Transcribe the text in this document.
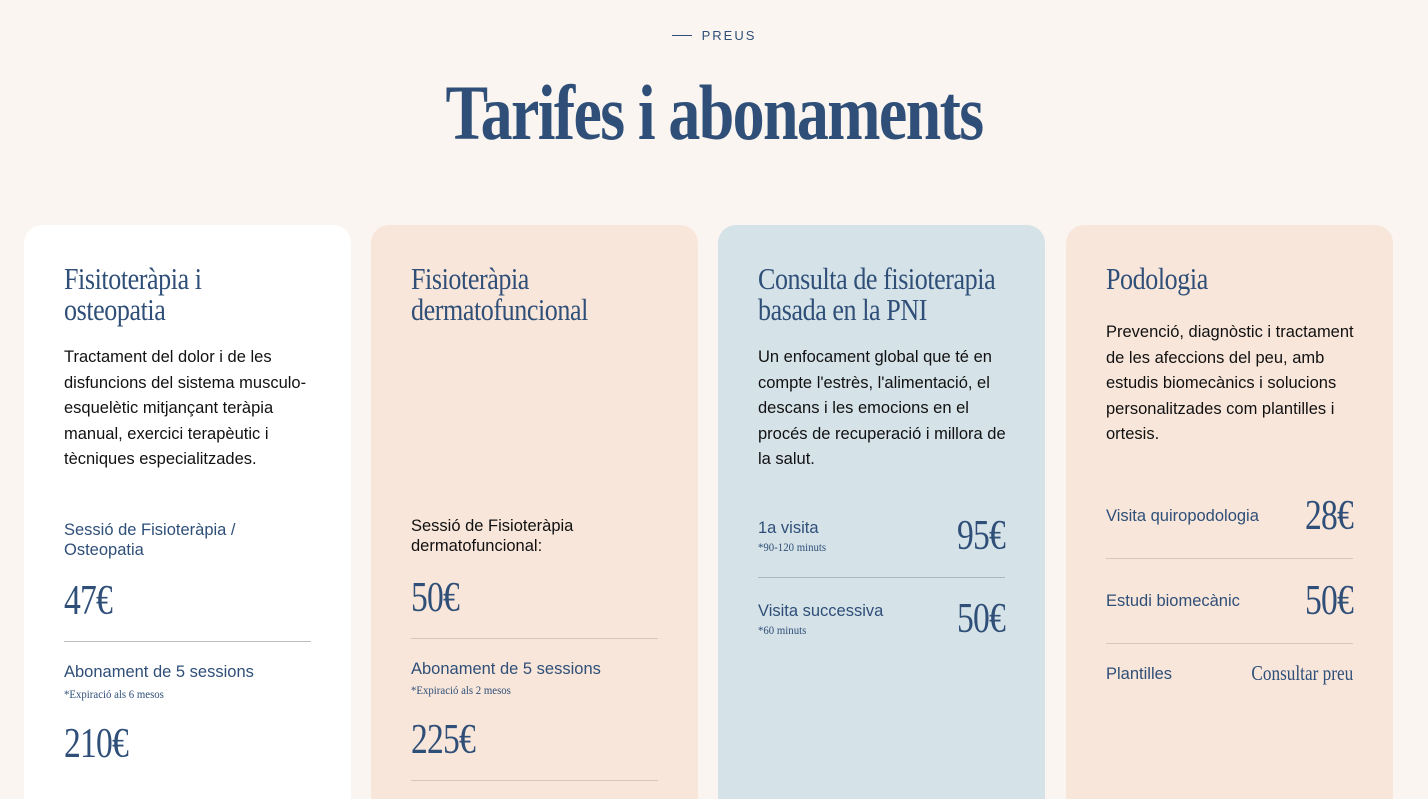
PREUS
Tarifes i abonaments
Fisitoteràpia i
osteopatia

Tractament del dolor i de les disfuncions del sistema musculo-esquelètic mitjançant teràpia manual, exercici terapèutic i tècniques especialitzades.

Sessió de Fisioteràpia / Osteopatia
47€
Abonament de 5 sessions
*Expiració als 6 mesos
210€
Fisioteràpia
dermatofuncional
Sessió de Fisioteràpia dermatofuncional:
50€
Abonament de 5 sessions
*Expiració als 2 mesos
225€
Consulta de fisioterapia
basada en la PNI

Un enfocament global que té en compte l'estrès, l'alimentació, el descans i les emocions en el procés de recuperació i millora de la salut.

1a visita
*90-120 minuts	95€
Visita successiva
*60 minuts	50€
Podologia

Prevenció, diagnòstic i tractament de les afeccions del peu, amb estudis biomecànics i solucions personalitzades com plantilles i ortesis.

Visita quiropodologia 28€
Estudi biomecànic 50€
Plantilles	Consultar preu
